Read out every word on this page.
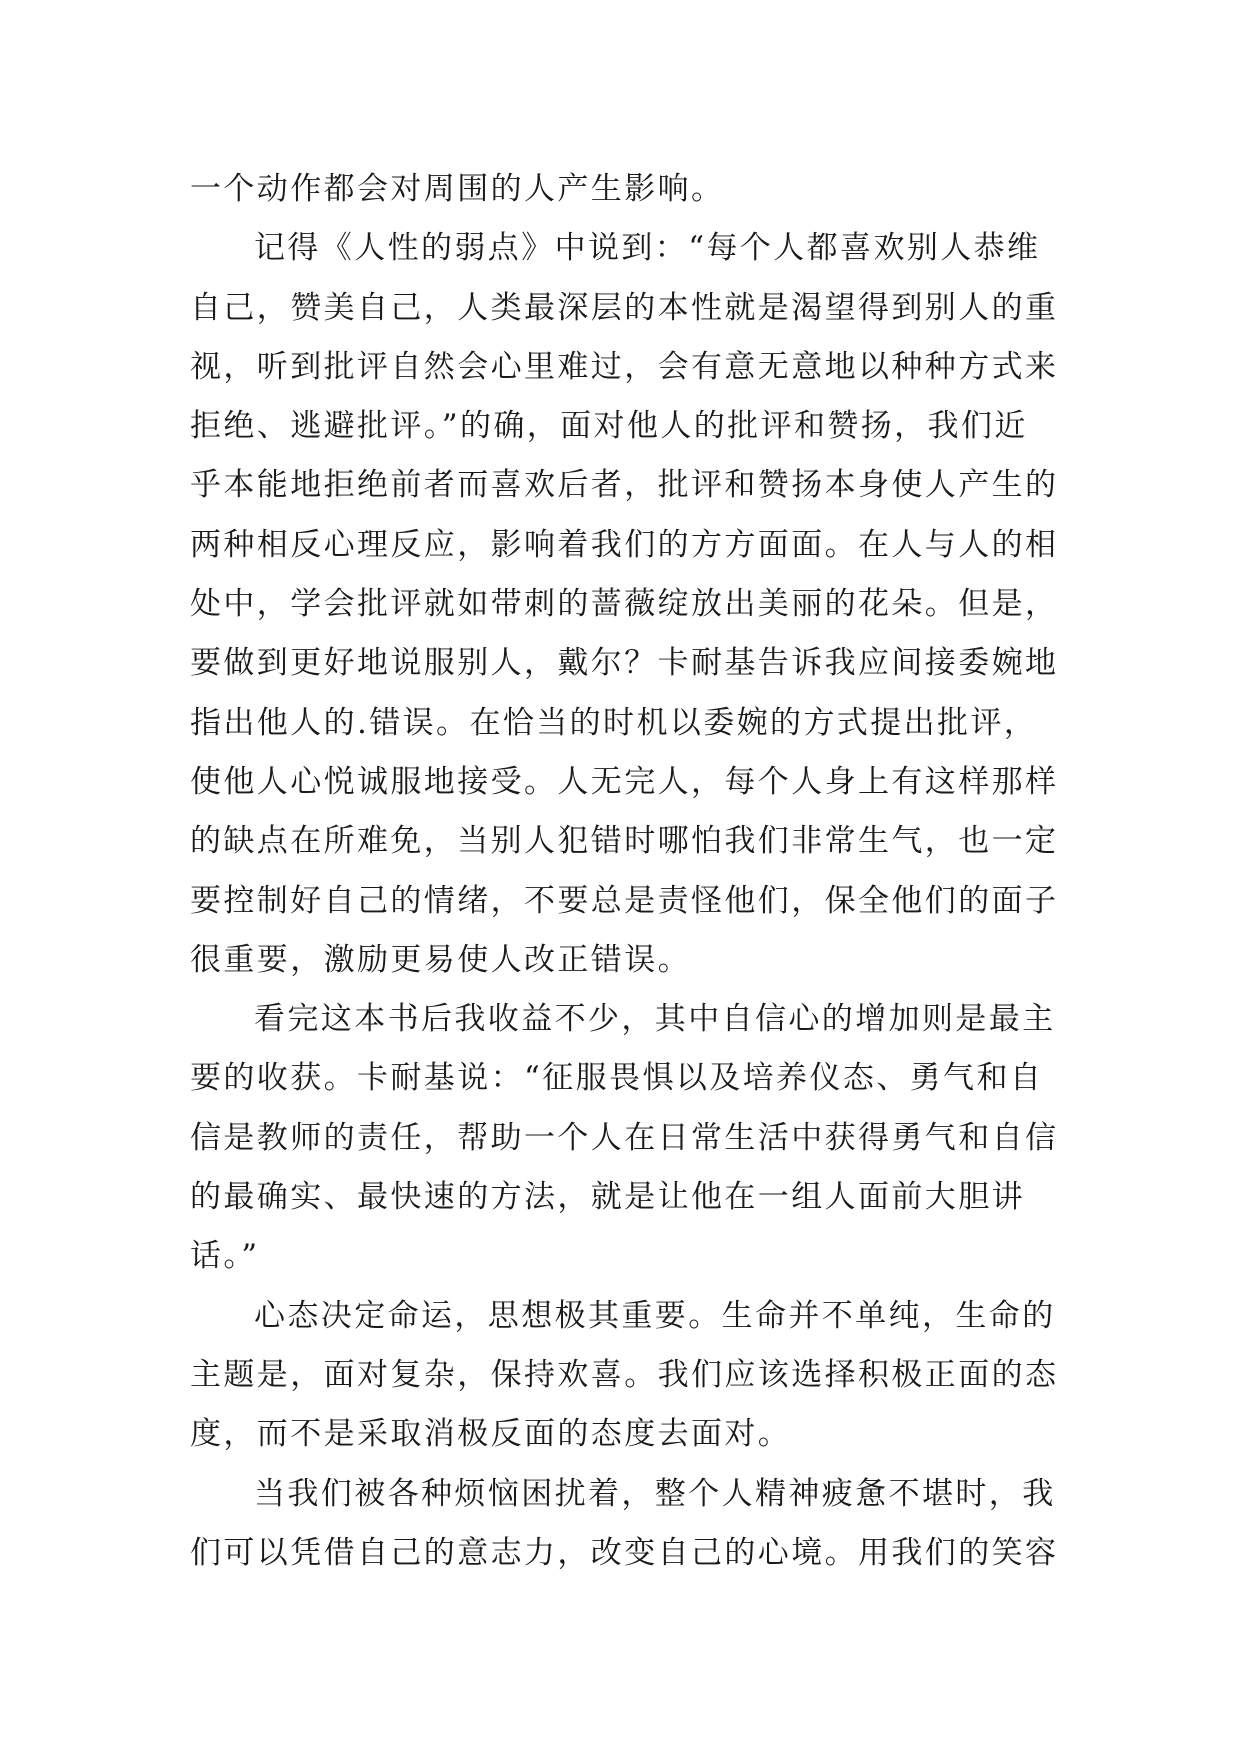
一个动作都会对周围的人产生影响。
记得《人性的弱点》中说到：“每个人都喜欢别人恭维
自己，赞美自己，人类最深层的本性就是渴望得到别人的重
视，听到批评自然会心里难过，会有意无意地以种种方式来
拒绝、逃避批评。”的确，面对他人的批评和赞扬，我们近
乎本能地拒绝前者而喜欢后者，批评和赞扬本身使人产生的
两种相反心理反应，影响着我们的方方面面。在人与人的相
处中，学会批评就如带刺的蔷薇绽放出美丽的花朵。但是，
要做到更好地说服别人，戴尔？卡耐基告诉我应间接委婉地
指出他人的.错误。在恰当的时机以委婉的方式提出批评，
使他人心悦诚服地接受。人无完人，每个人身上有这样那样
的缺点在所难免，当别人犯错时哪怕我们非常生气，也一定
要控制好自己的情绪，不要总是责怪他们，保全他们的面子
很重要，激励更易使人改正错误。
看完这本书后我收益不少，其中自信心的增加则是最主
要的收获。卡耐基说：“征服畏惧以及培养仪态、勇气和自
信是教师的责任，帮助一个人在日常生活中获得勇气和自信
的最确实、最快速的方法，就是让他在一组人面前大胆讲
话。”
心态决定命运，思想极其重要。生命并不单纯，生命的
主题是，面对复杂，保持欢喜。我们应该选择积极正面的态
度，而不是采取消极反面的态度去面对。
当我们被各种烦恼困扰着，整个人精神疲惫不堪时，我
们可以凭借自己的意志力，改变自己的心境。用我们的笑容
